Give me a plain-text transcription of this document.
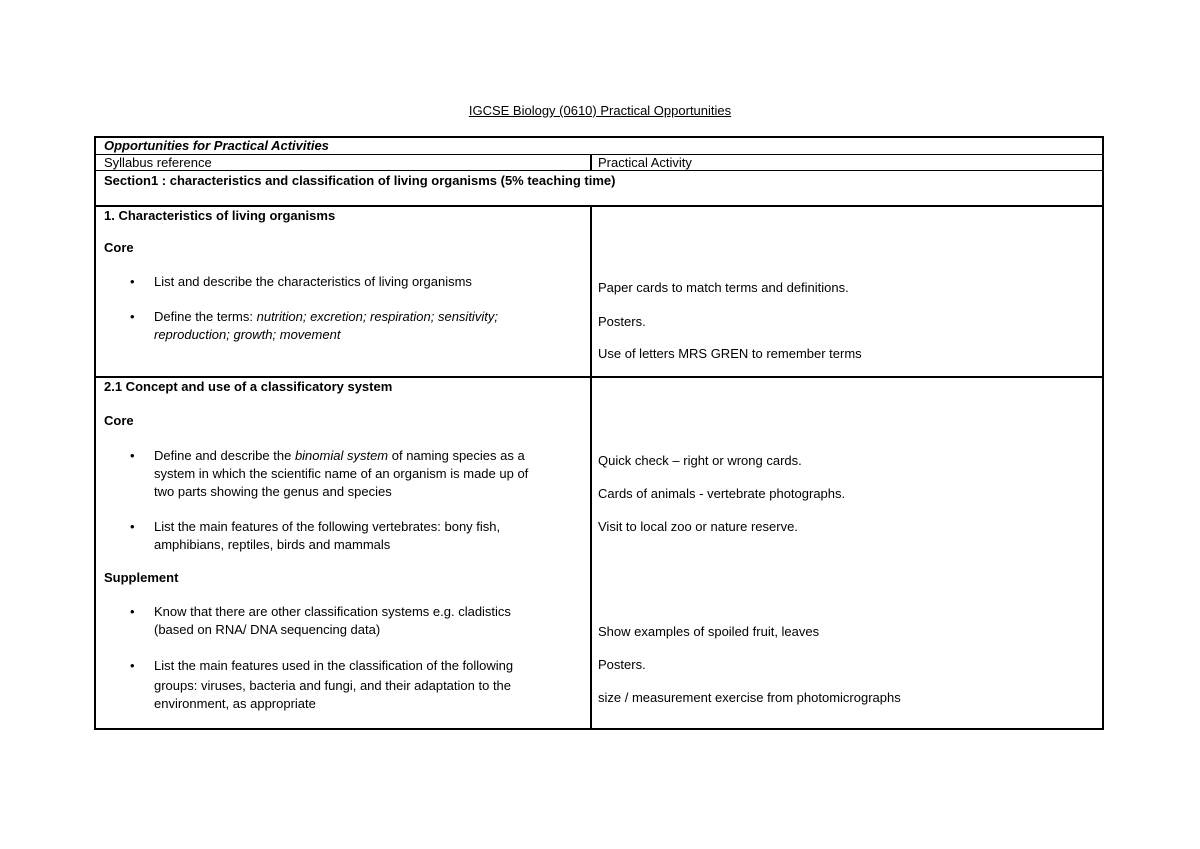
IGCSE Biology (0610) Practical Opportunities
Opportunities for Practical Activities
Syllabus reference	Practical Activity
Section1 : characteristics and classification of living organisms (5% teaching time)
1. Characteristics of living organisms
Core
• List and describe the characteristics of living organisms
• Define the terms: nutrition; excretion; respiration; sensitivity;
reproduction; growth; movement
Paper cards to match terms and definitions.
Posters.
Use of letters MRS GREN to remember terms
2.1 Concept and use of a classificatory system
Core
• Define and describe the binomial system of naming species as a
system in which the scientific name of an organism is made up of
two parts showing the genus and species
• List the main features of the following vertebrates: bony fish,
amphibians, reptiles, birds and mammals
Supplement
• Know that there are other classification systems e.g. cladistics
(based on RNA/ DNA sequencing data)
• List the main features used in the classification of the following
groups: viruses, bacteria and fungi, and their adaptation to the
environment, as appropriate
Quick check – right or wrong cards.
Cards of animals - vertebrate photographs.
Visit to local zoo or nature reserve.
Show examples of spoiled fruit, leaves
Posters.
size / measurement exercise from photomicrographs
